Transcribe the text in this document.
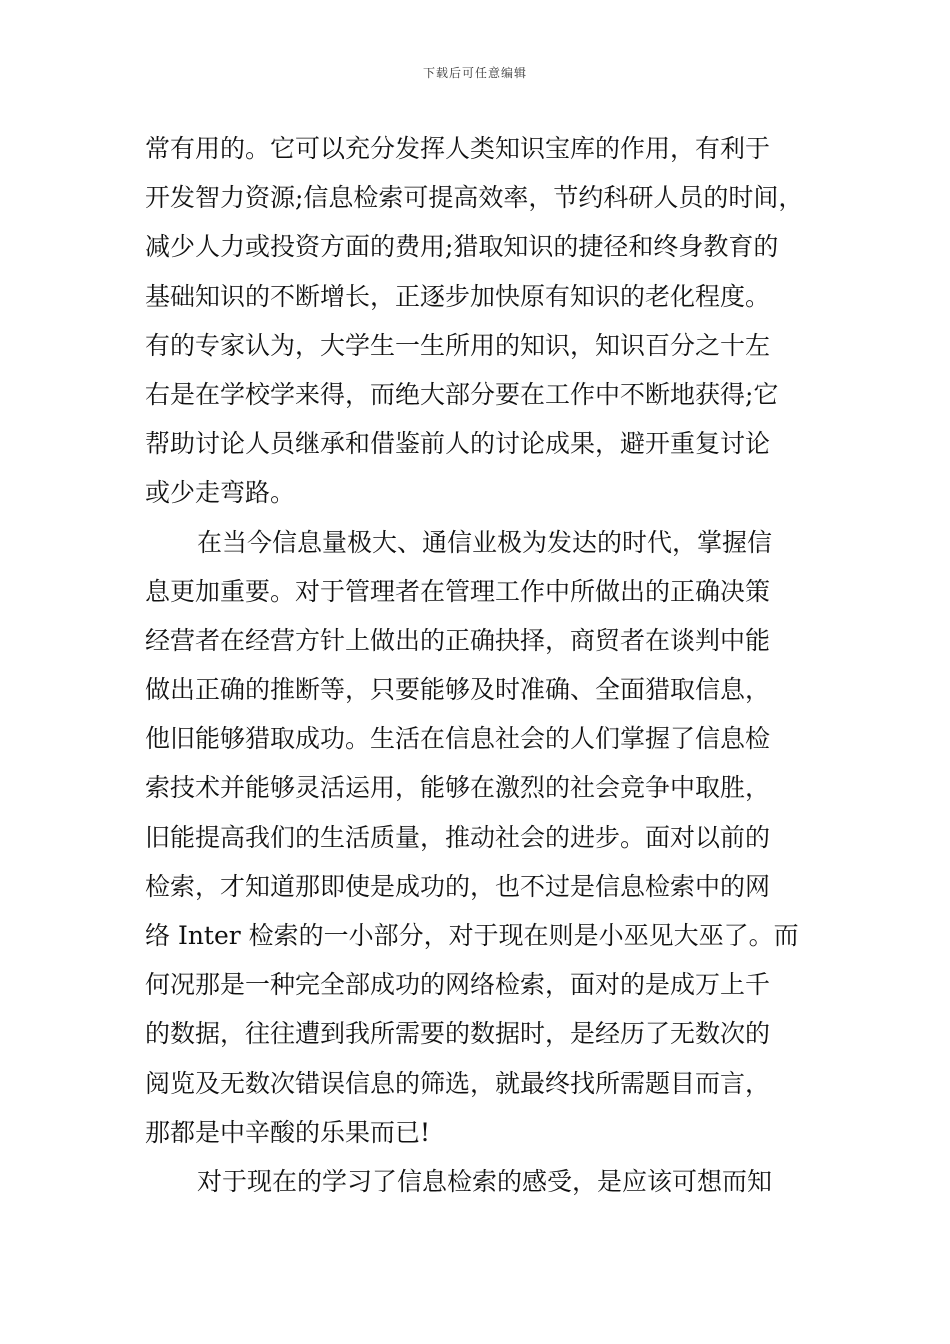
下载后可任意编辑
常有用的。它可以充分发挥人类知识宝库的作用，有利于
开发智力资源;信息检索可提高效率，节约科研人员的时间，
减少人力或投资方面的费用;猎取知识的捷径和终身教育的
基础知识的不断增长，正逐步加快原有知识的老化程度。
有的专家认为，大学生一生所用的知识，知识百分之十左
右是在学校学来得，而绝大部分要在工作中不断地获得;它
帮助讨论人员继承和借鉴前人的讨论成果，避开重复讨论
或少走弯路。
在当今信息量极大、通信业极为发达的时代，掌握信
息更加重要。对于管理者在管理工作中所做出的正确决策
经营者在经营方针上做出的正确抉择，商贸者在谈判中能
做出正确的推断等，只要能够及时准确、全面猎取信息，
他旧能够猎取成功。生活在信息社会的人们掌握了信息检
索技术并能够灵活运用，能够在激烈的社会竞争中取胜，
旧能提高我们的生活质量，推动社会的进步。面对以前的
检索，才知道那即使是成功的，也不过是信息检索中的网
络 Inter 检索的一小部分，对于现在则是小巫见大巫了。而
何况那是一种完全部成功的网络检索，面对的是成万上千
的数据，往往遭到我所需要的数据时，是经历了无数次的
阅览及无数次错误信息的筛选，就最终找所需题目而言，
那都是中辛酸的乐果而已!
对于现在的学习了信息检索的感受，是应该可想而知
